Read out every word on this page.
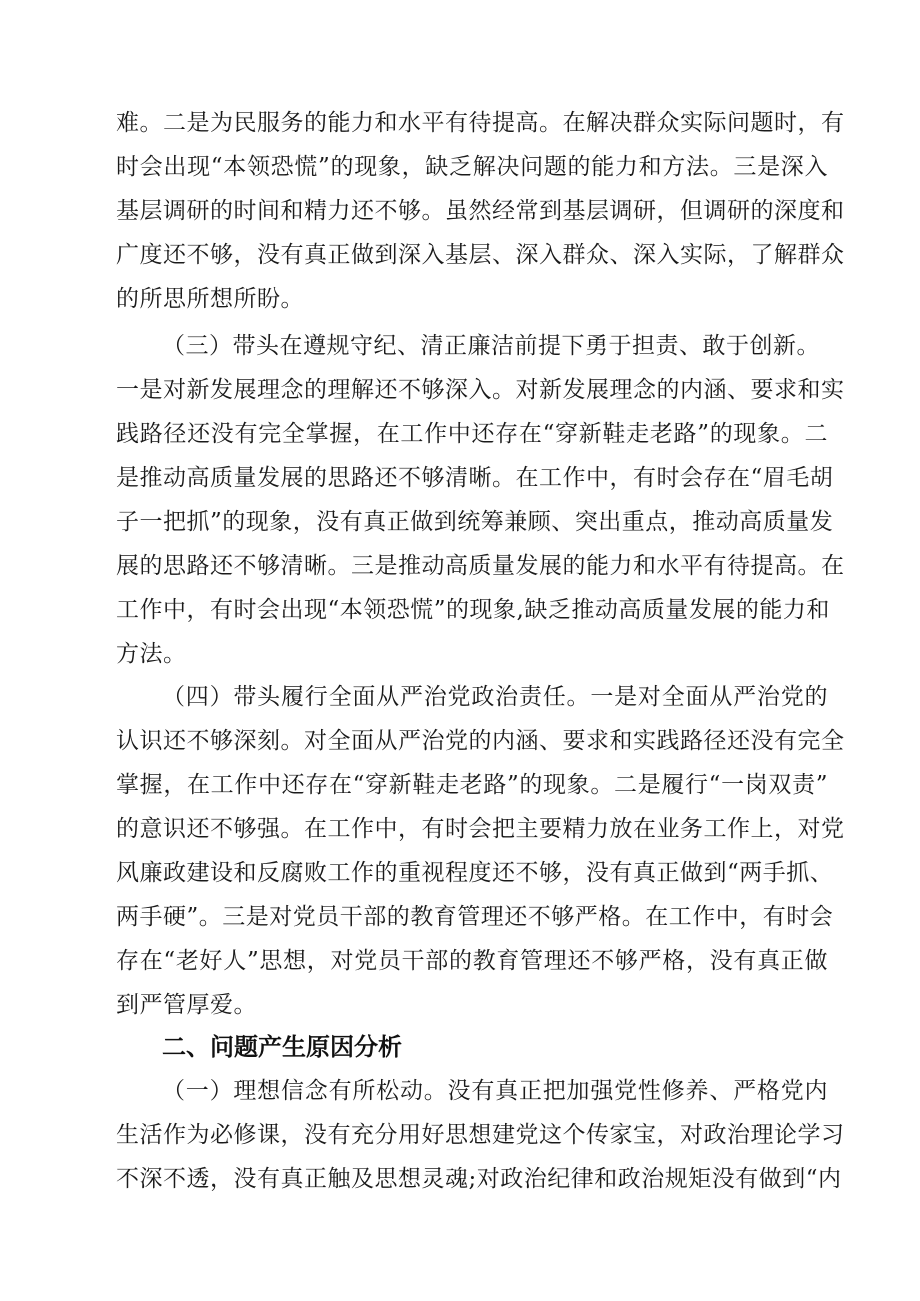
难。二是为民服务的能力和水平有待提高。在解决群众实际问题时，有
时会出现“本领恐慌”的现象，缺乏解决问题的能力和方法。三是深入
基层调研的时间和精力还不够。虽然经常到基层调研，但调研的深度和
广度还不够，没有真正做到深入基层、深入群众、深入实际，了解群众
的所思所想所盼。
（三）带头在遵规守纪、清正廉洁前提下勇于担责、敢于创新。
一是对新发展理念的理解还不够深入。对新发展理念的内涵、要求和实
践路径还没有完全掌握，在工作中还存在“穿新鞋走老路”的现象。二
是推动高质量发展的思路还不够清晰。在工作中，有时会存在“眉毛胡
子一把抓”的现象，没有真正做到统筹兼顾、突出重点，推动高质量发
展的思路还不够清晰。三是推动高质量发展的能力和水平有待提高。在
工作中，有时会出现“本领恐慌”的现象,缺乏推动高质量发展的能力和
方法。
（四）带头履行全面从严治党政治责任。一是对全面从严治党的
认识还不够深刻。对全面从严治党的内涵、要求和实践路径还没有完全
掌握，在工作中还存在“穿新鞋走老路”的现象。二是履行“一岗双责”
的意识还不够强。在工作中，有时会把主要精力放在业务工作上，对党
风廉政建设和反腐败工作的重视程度还不够，没有真正做到“两手抓、
两手硬”。三是对党员干部的教育管理还不够严格。在工作中，有时会
存在“老好人”思想，对党员干部的教育管理还不够严格，没有真正做
到严管厚爱。
二、问题产生原因分析
（一）理想信念有所松动。没有真正把加强党性修养、严格党内
生活作为必修课，没有充分用好思想建党这个传家宝，对政治理论学习
不深不透，没有真正触及思想灵魂;对政治纪律和政治规矩没有做到“内
